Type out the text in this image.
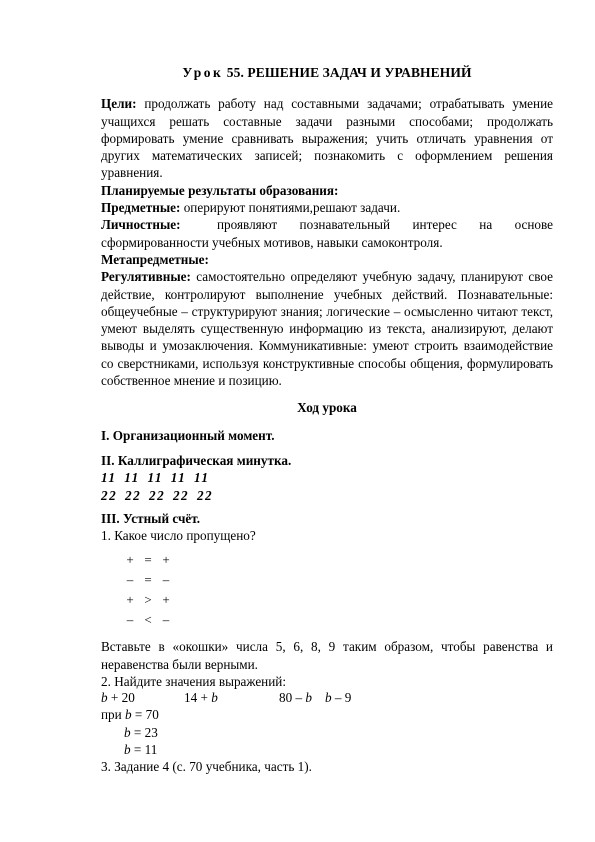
Урок 55. РЕШЕНИЕ ЗАДАЧ И УРАВНЕНИЙ

Цели: продолжать работу над составными задачами; отрабатывать умение учащихся решать составные задачи разными способами; продолжать формировать умение сравнивать выражения; учить отличать уравнения от других математических записей; познакомить с оформлением решения уравнения.

Планируемые результаты образования:

Предметные: оперируют понятиями,решают задачи.

Личностные:	проявляют познавательный интерес на основе сформированности учебных мотивов, навыки самоконтроля.

Метапредметные:

Регулятивные: самостоятельно определяют учебную задачу, планируют свое действие, контролируют выполнение учебных действий. Познавательные: общеучебные – структурируют знания; логические – осмысленно читают текст, умеют выделять существенную информацию из текста, анализируют, делают выводы и умозаключения. Коммуникативные: умеют строить взаимодействие со сверстниками, используя конструктивные способы общения, формулировать собственное мнение и позицию.

Ход урока

I. Организационный момент.

II. Каллиграфическая минутка.

11 11 11 11 11

22 22 22 22 22

III. Устный счёт.

1. Какое число пропущено?

+ = +
– = –
+ > +
– < –

Вставьте в «окошки» числа 5, 6, 8, 9 таким образом, чтобы равенства и неравенства были верными.

2. Найдите значения выражений:

b + 20	14 + b	80 – b b – 9

при b = 70

b = 23

b = 11

3. Задание 4 (с. 70 учебника, часть 1).
